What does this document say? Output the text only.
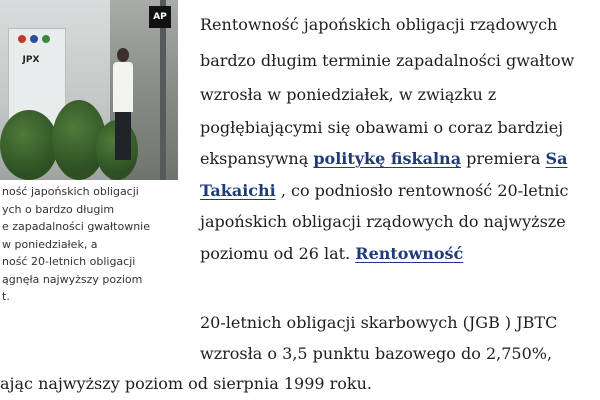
JPX
AP
ność japońskich obligacji
ych o bardzo długim
e zapadalności gwałtownie
w poniedziałek, a
ność 20-letnich obligacji
ągnęła najwyższy poziom
t.
Rentowność japońskich obligacji rządowych
bardzo długim terminie zapadalności gwałtow
wzrosła w poniedziałek, w związku z
pogłębiającymi się obawami o coraz bardziej
ekspansywną politykę fiskalną premiera Sa
Takaichi , co podniosło rentowność 20-letnic
japońskich obligacji rządowych do najwyższe
poziomu od 26 lat. Rentowność
20-letnich obligacji skarbowych (JGB ) JBTC
wzrosła o 3,5 punktu bazowego do 2,750%,
ając najwyższy poziom od sierpnia 1999 roku.
